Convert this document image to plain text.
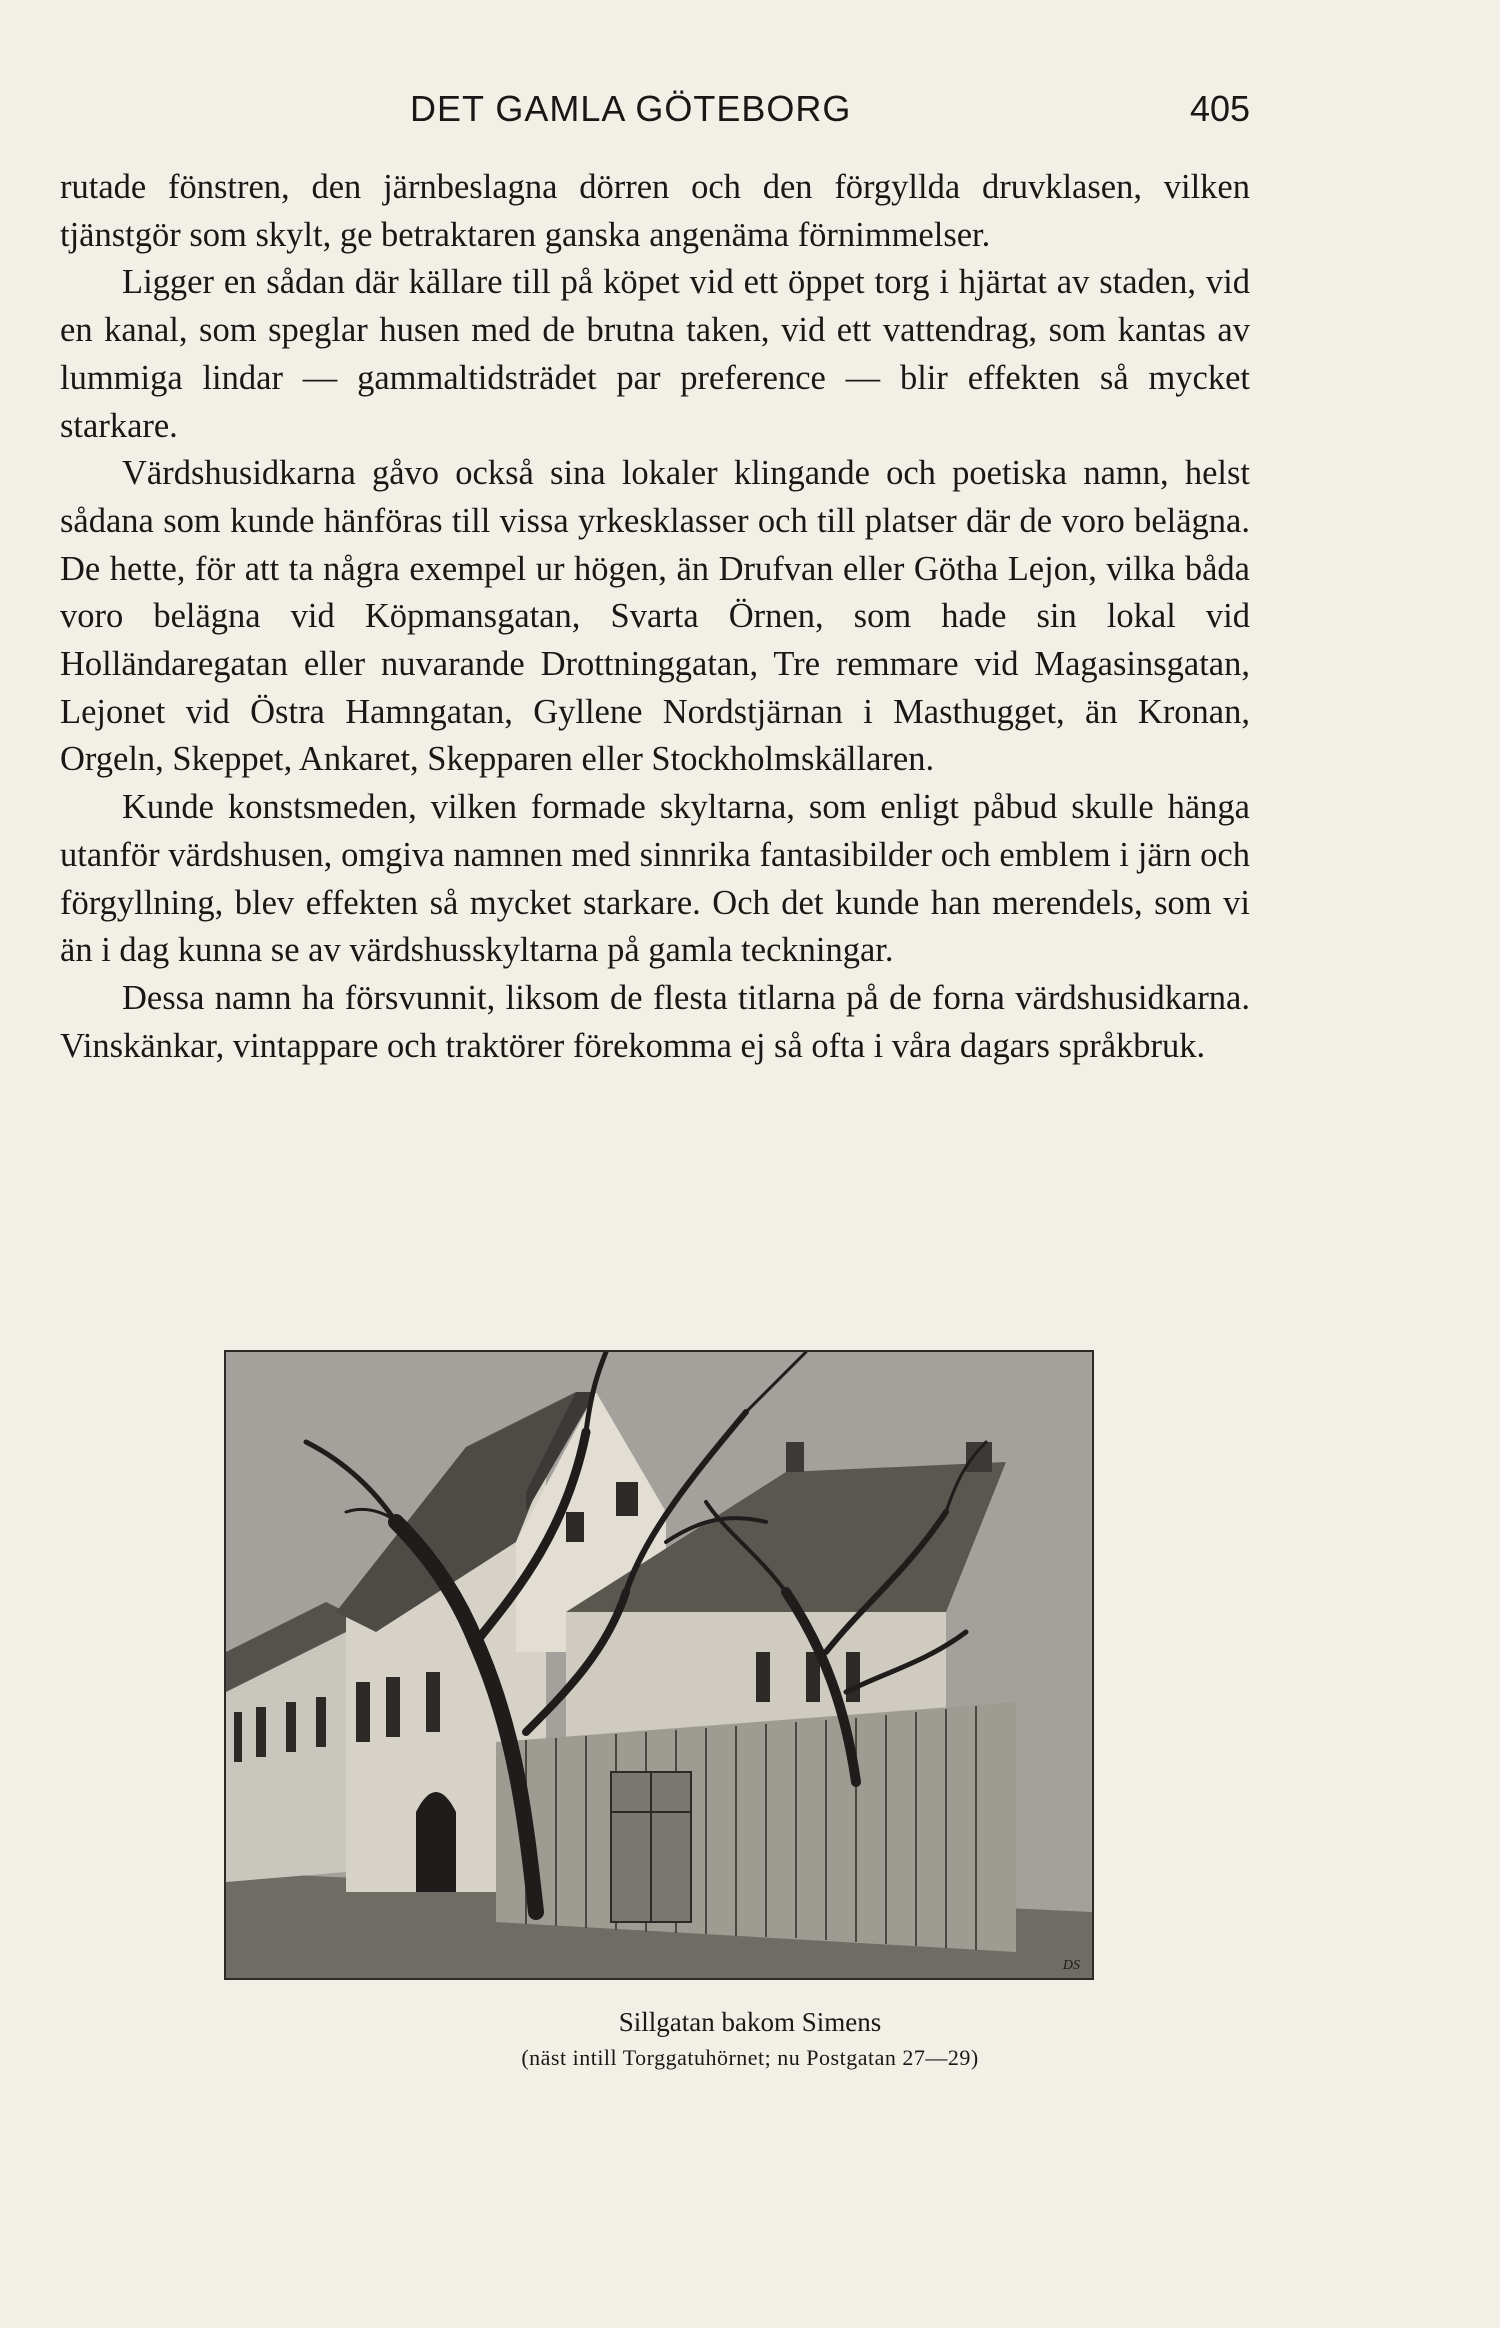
DET GAMLA GÖTEBORG	405

rutade fönstren, den järnbeslagna dörren och den förgyllda druvklasen, vilken tjänstgör som skylt, ge betraktaren ganska angenäma förnimmelser.

Ligger en sådan där källare till på köpet vid ett öppet torg i hjärtat av staden, vid en kanal, som speglar husen med de brutna taken, vid ett vattendrag, som kantas av lummiga lindar — gammaltidsträdet par preference — blir effekten så mycket starkare.

Värdshusidkarna gåvo också sina lokaler klingande och poetiska namn, helst sådana som kunde hänföras till vissa yrkesklasser och till platser där de voro belägna. De hette, för att ta några exempel ur högen, än Drufvan eller Götha Lejon, vilka båda voro belägna vid Köpmansgatan, Svarta Örnen, som hade sin lokal vid Holländaregatan eller nuvarande Drottninggatan, Tre remmare vid Magasinsgatan, Lejonet vid Östra Hamngatan, Gyllene Nordstjärnan i Masthugget, än Kronan, Orgeln, Skeppet, Ankaret, Skepparen eller Stockholmskällaren.

Kunde konstsmeden, vilken formade skyltarna, som enligt påbud skulle hänga utanför värdshusen, omgiva namnen med sinnrika fantasibilder och emblem i järn och förgyllning, blev effekten så mycket starkare. Och det kunde han merendels, som vi än i dag kunna se av värdshusskyltarna på gamla teckningar.

Dessa namn ha försvunnit, liksom de flesta titlarna på de forna värdshusidkarna. Vinskänkar, vintappare och traktörer förekomma ej så ofta i våra dagars språkbruk.

DS
Sillgatan bakom Simens
(näst intill Torggatuhörnet; nu Postgatan 27—29)
